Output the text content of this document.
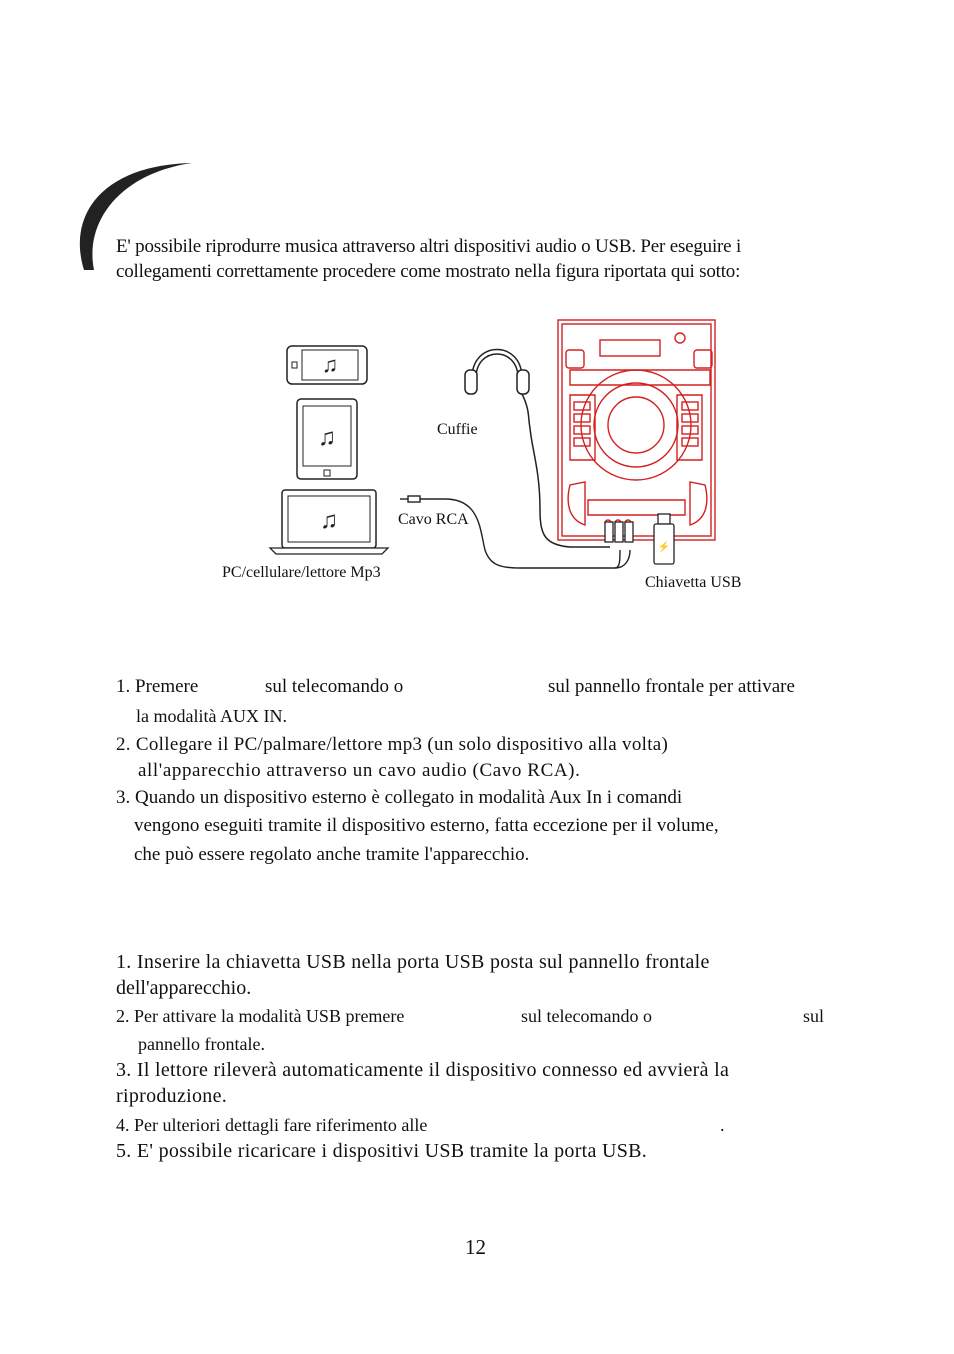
E' possibile riprodurre musica attraverso altri dispositivi audio o USB. Per eseguire i
collegamenti correttamente procedere come mostrato nella figura riportata qui sotto:
♫
♫
♫
⚡
Cuffie
Cavo RCA
PC/cellulare/lettore Mp3
Chiavetta USB
1. Premere	sul telecomando o	sul pannello frontale per attivare
la modalità AUX IN.
2. Collegare il PC/palmare/lettore mp3 (un solo dispositivo alla volta)
all'apparecchio attraverso un cavo audio (Cavo RCA).
3. Quando un dispositivo esterno è collegato in modalità Aux In i comandi
vengono eseguiti tramite il dispositivo esterno, fatta eccezione per il volume,
che può essere regolato anche tramite l'apparecchio.
1. Inserire la chiavetta USB nella porta USB posta sul pannello frontale
dell'apparecchio.
2. Per attivare la modalità USB premere	sul telecomando o	sul
pannello frontale.
3. Il lettore rileverà automaticamente il dispositivo connesso ed avvierà la
riproduzione.
4. Per ulteriori dettagli fare riferimento alle	.
5. E' possibile ricaricare i dispositivi USB tramite la porta USB.
12
